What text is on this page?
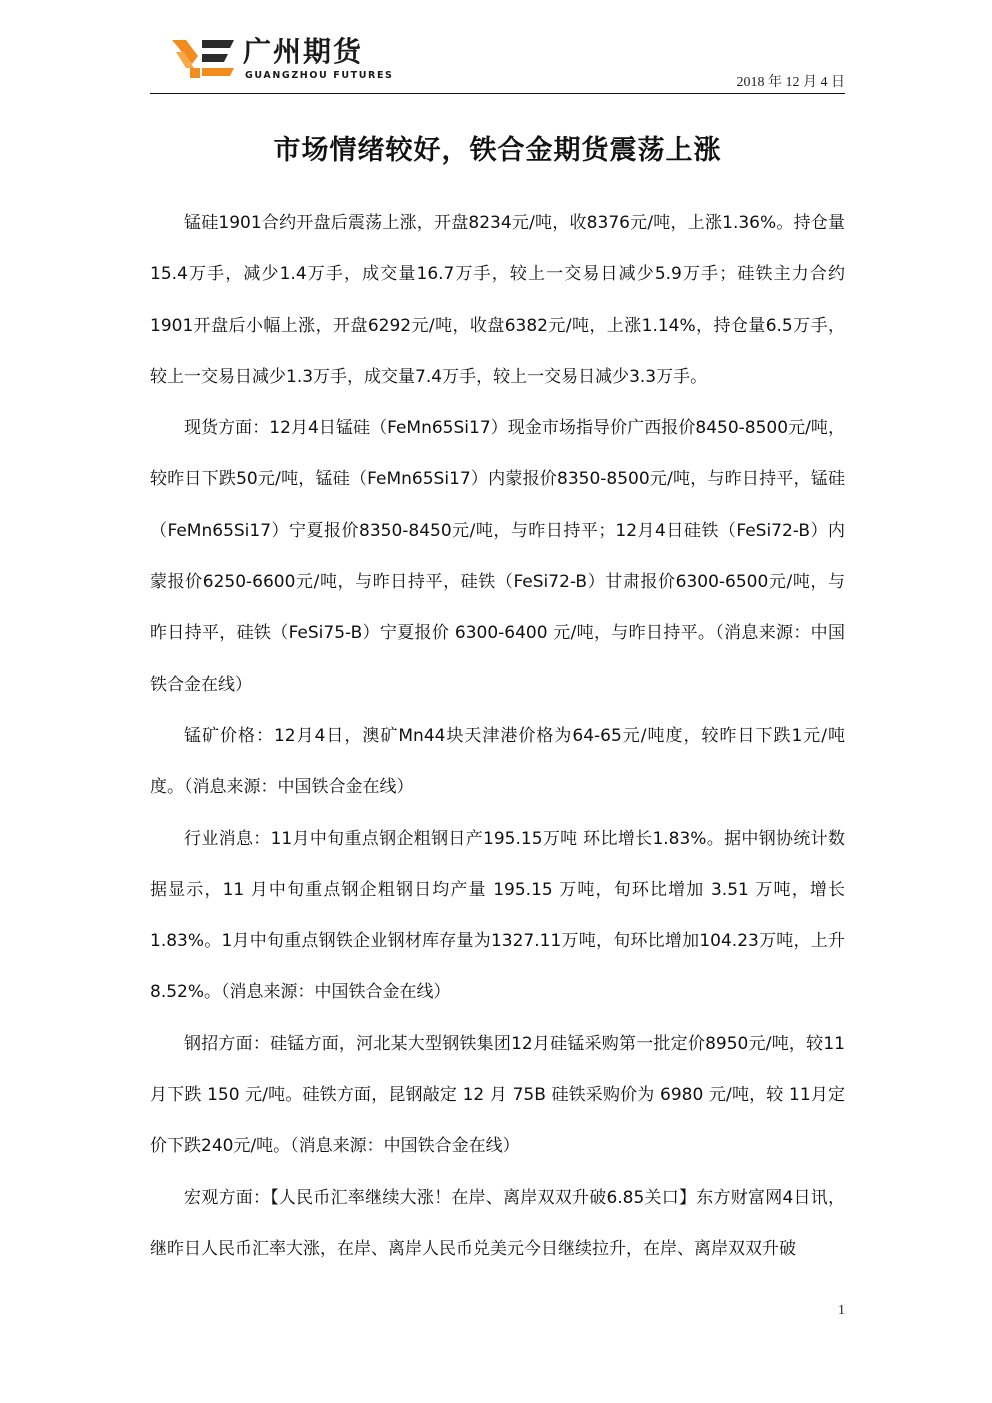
广州期货
GUANGZHOU FUTURES	2018 年 12 月 4 日
市场情绪较好，铁合金期货震荡上涨

锰硅1901合约开盘后震荡上涨，开盘8234元/吨，收8376元/吨，上涨1.36%。持仓量15.4万手，减少1.4万手，成交量16.7万手，较上一交易日减少5.9万手；硅铁主力合约1901开盘后小幅上涨，开盘6292元/吨，收盘6382元/吨，上涨1.14%，持仓量6.5万手，较上一交易日减少1.3万手，成交量7.4万手，较上一交易日减少3.3万手。

现货方面：12月4日锰硅（FeMn65Si17）现金市场指导价广西报价8450-8500元/吨，较昨日下跌50元/吨，锰硅（FeMn65Si17）内蒙报价8350-8500元/吨，与昨日持平，锰硅（FeMn65Si17）宁夏报价8350-8450元/吨，与昨日持平；12月4日硅铁（FeSi72-B）内蒙报价6250-6600元/吨，与昨日持平，硅铁（FeSi72-B）甘肃报价6300-6500元/吨，与昨日持平，硅铁（FeSi75-B）宁夏报价 6300-6400 元/吨，与昨日持平。（消息来源：中国铁合金在线）

锰矿价格：12月4日，澳矿Mn44块天津港价格为64-65元/吨度，较昨日下跌1元/吨度。（消息来源：中国铁合金在线）

行业消息：11月中旬重点钢企粗钢日产195.15万吨 环比增长1.83%。据中钢协统计数据显示，11 月中旬重点钢企粗钢日均产量 195.15 万吨，旬环比增加 3.51 万吨，增长1.83%。1月中旬重点钢铁企业钢材库存量为1327.11万吨，旬环比增加104.23万吨，上升8.52%。（消息来源：中国铁合金在线）

钢招方面：硅锰方面，河北某大型钢铁集团12月硅锰采购第一批定价8950元/吨，较11 月下跌 150 元/吨。硅铁方面，昆钢敲定 12 月 75B 硅铁采购价为 6980 元/吨，较 11月定价下跌240元/吨。（消息来源：中国铁合金在线）

宏观方面：【人民币汇率继续大涨！在岸、离岸双双升破6.85关口】东方财富网4日讯，继昨日人民币汇率大涨，在岸、离岸人民币兑美元今日继续拉升，在岸、离岸双双升破

1
